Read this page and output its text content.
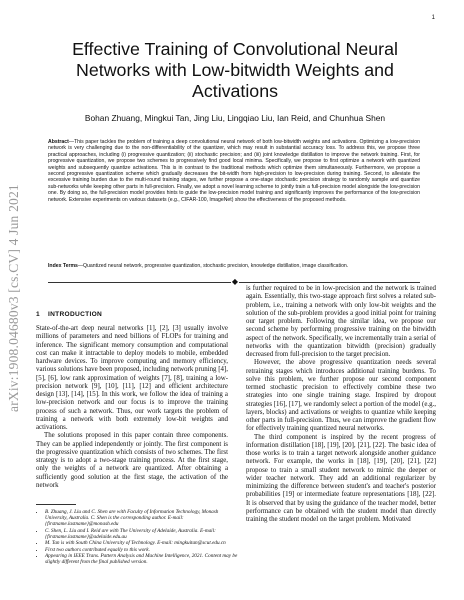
1
arXiv:1908.04680v3 [cs.CV] 4 Jun 2021
Effective Training of Convolutional Neural Networks with Low-bitwidth Weights and Activations
Bohan Zhuang, Mingkui Tan, Jing Liu, Lingqiao Liu, Ian Reid, and Chunhua Shen
Abstract—This paper tackles the problem of training a deep convolutional neural network of both low-bitwidth weights and activations. Optimizing a low-precision network is very challenging due to the non-differentiability of the quantizer, which may result in substantial accuracy loss. To address this, we propose three practical approaches, including (i) progressive quantization; (ii) stochastic precision; and (iii) joint knowledge distillation to improve the network training. First, for progressive quantization, we propose two schemes to progressively find good local minima. Specifically, we propose to first optimize a network with quantized weights and subsequently quantize activations. This is in contrast to the traditional methods which optimize them simultaneously. Furthermore, we propose a second progressive quantization scheme which gradually decreases the bit-width from high-precision to low-precision during training. Second, to alleviate the excessive training burden due to the multi-round training stages, we further propose a one-stage stochastic precision strategy to randomly sample and quantize sub-networks while keeping other parts in full-precision. Finally, we adopt a novel learning scheme to jointly train a full-precision model alongside the low-precision one. By doing so, the full-precision model provides hints to guide the low-precision model training and significantly improves the performance of the low-precision network. Extensive experiments on various datasets (e.g., CIFAR-100, ImageNet) show the effectiveness of the proposed methods.
Index Terms—Quantized neural network, progressive quantization, stochastic precision, knowledge distillation, image classification.
◆
1 INTRODUCTION

State-of-the-art deep neural networks [1], [2], [3] usually involve millions of parameters and need billions of FLOPs for training and inference. The significant memory consumption and computational cost can make it intractable to deploy models to mobile, embedded hardware devices. To improve computing and memory efficiency, various solutions have been proposed, including network pruning [4], [5], [6], low rank approximation of weights [7], [8], training a low-precision network [9], [10], [11], [12] and efficient architecture design [13], [14], [15]. In this work, we follow the idea of training a low-precision network and our focus is to improve the training process of such a network. Thus, our work targets the problem of training a network with both extremely low-bit weights and activations.

The solutions proposed in this paper contain three components. They can be applied independently or jointly. The first component is the progressive quantization which consists of two schemes. The first strategy is to adopt a two-stage training process. At the first stage, only the weights of a network are quantized. After obtaining a sufficiently good solution at the first stage, the activation of the network

is further required to be in low-precision and the network is trained again. Essentially, this two-stage approach first solves a related sub-problem, i.e., training a network with only low-bit weights and the solution of the sub-problem provides a good initial point for training our target problem. Following the similar idea, we propose our second scheme by performing progressive training on the bitwidth aspect of the network. Specifically, we incrementally train a serial of networks with the quantization bitwidth (precision) gradually decreased from full-precision to the target precision.

However, the above progressive quantization needs several retraining stages which introduces additional training burdens. To solve this problem, we further propose our second component termed stochastic precision to effectively combine these two strategies into one single training stage. Inspired by dropout strategies [16], [17], we randomly select a portion of the model (e.g., layers, blocks) and activations or weights to quantize while keeping other parts in full-precision. Thus, we can improve the gradient flow for effectively training quantized neural networks.

The third component is inspired by the recent progress of information distillation [18], [19], [20], [21], [22]. The basic idea of those works is to train a target network alongside another guidance network. For example, the works in [18], [19], [20], [21], [22] propose to train a small student network to mimic the deeper or wider teacher network. They add an additional regularizer by minimizing the difference between student's and teacher's posterior probabilities [19] or intermediate feature representations [18], [22]. It is observed that by using the guidance of the teacher model, better performance can be obtained with the student model than directly training the student model on the target problem. Motivated

• B. Zhuang, J. Liu and C. Shen are with Faculty of Information Technology, Monash University, Australia. C. Shen is the corresponding author. E-mail: {firstname.lastname}@monash.edu
• C. Shen, L. Liu and I. Reid are with The University of Adelaide, Australia. E-mail: {firstname.lastname}@adelaide.edu.au
• M. Tan is with South China University of Technology. E-mail: mingkuitan@scut.edu.cn
• First two authors contributed equally to this work.
• Appearing in IEEE Trans. Pattern Analysis and Machine Intelligence, 2021. Content may be slightly different from the final published version.
